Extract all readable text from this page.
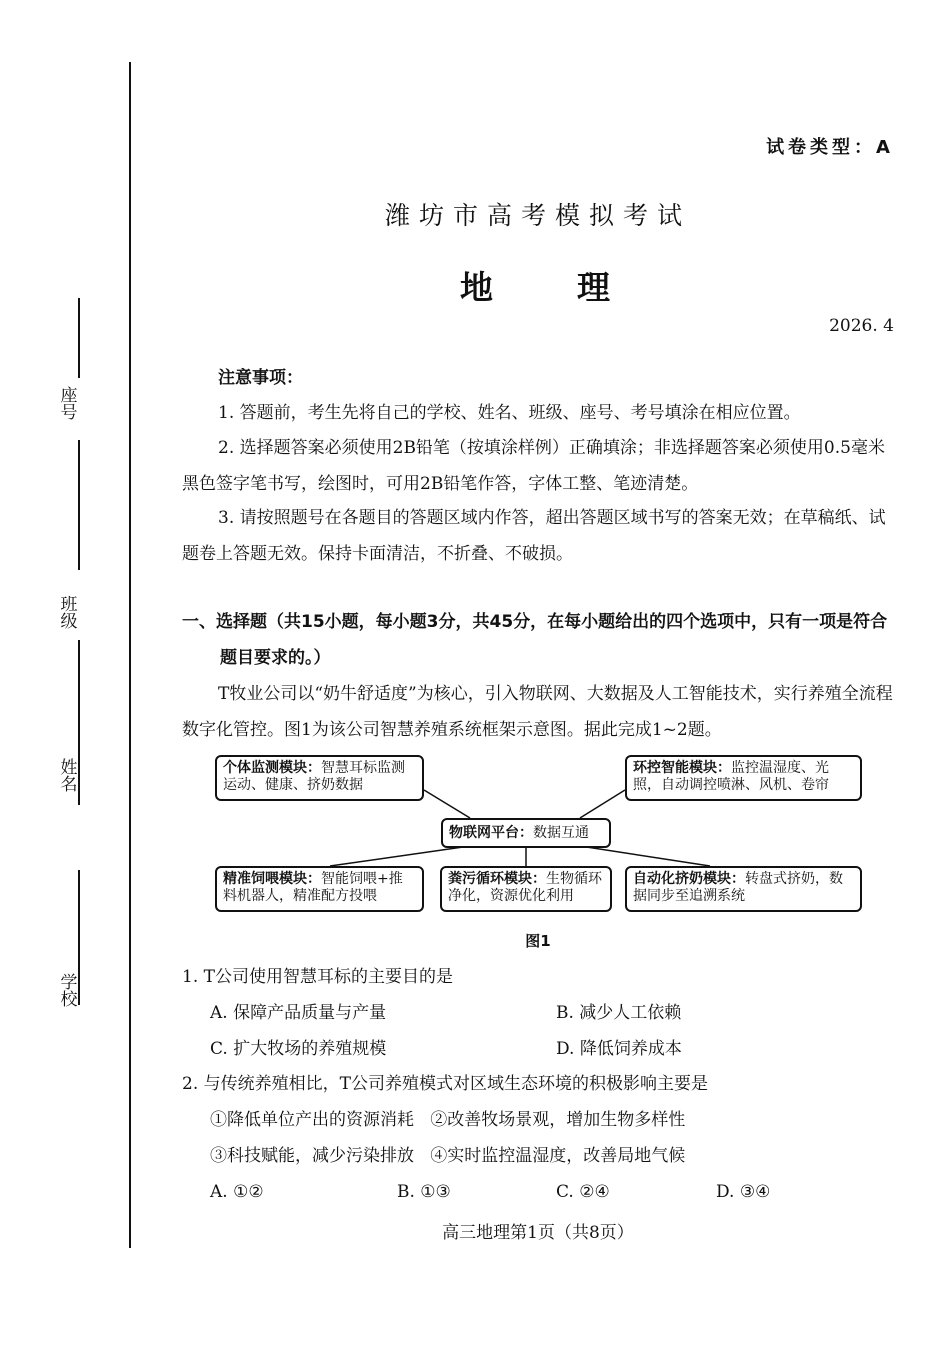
学校
姓名
班级
座号
试卷类型：A
潍坊市高考模拟考试
地	理
2026. 4
注意事项：
1. 答题前，考生先将自己的学校、姓名、班级、座号、考号填涂在相应位置。
2. 选择题答案必须使用2B铅笔（按填涂样例）正确填涂；非选择题答案必须使用0.5毫米黑色签字笔书写，绘图时，可用2B铅笔作答，字体工整、笔迹清楚。
3. 请按照题号在各题目的答题区域内作答，超出答题区域书写的答案无效；在草稿纸、试题卷上答题无效。保持卡面清洁，不折叠、不破损。
一、选择题（共15小题，每小题3分，共45分，在每小题给出的四个选项中，只有一项是符合题目要求的。）
T牧业公司以“奶牛舒适度”为核心，引入物联网、大数据及人工智能技术，实行养殖全流程数字化管控。图1为该公司智慧养殖系统框架示意图。据此完成1~2题。
个体监测模块：智慧耳标监测运动、健康、挤奶数据
环控智能模块：监控温湿度、光照，自动调控喷淋、风机、卷帘
物联网平台：数据互通
精准饲喂模块：智能饲喂+推料机器人，精准配方投喂
粪污循环模块：生物循环净化，资源优化利用
自动化挤奶模块：转盘式挤奶，数据同步至追溯系统
图1
1. T公司使用智慧耳标的主要目的是
A. 保障产品质量与产量	B. 减少人工依赖
C. 扩大牧场的养殖规模	D. 降低饲养成本
2. 与传统养殖相比，T公司养殖模式对区域生态环境的积极影响主要是
①降低单位产出的资源消耗   ②改善牧场景观，增加生物多样性
③科技赋能，减少污染排放   ④实时监控温湿度，改善局地气候
A. ①②	B. ①③	C. ②④	D. ③④
高三地理第1页（共8页）
